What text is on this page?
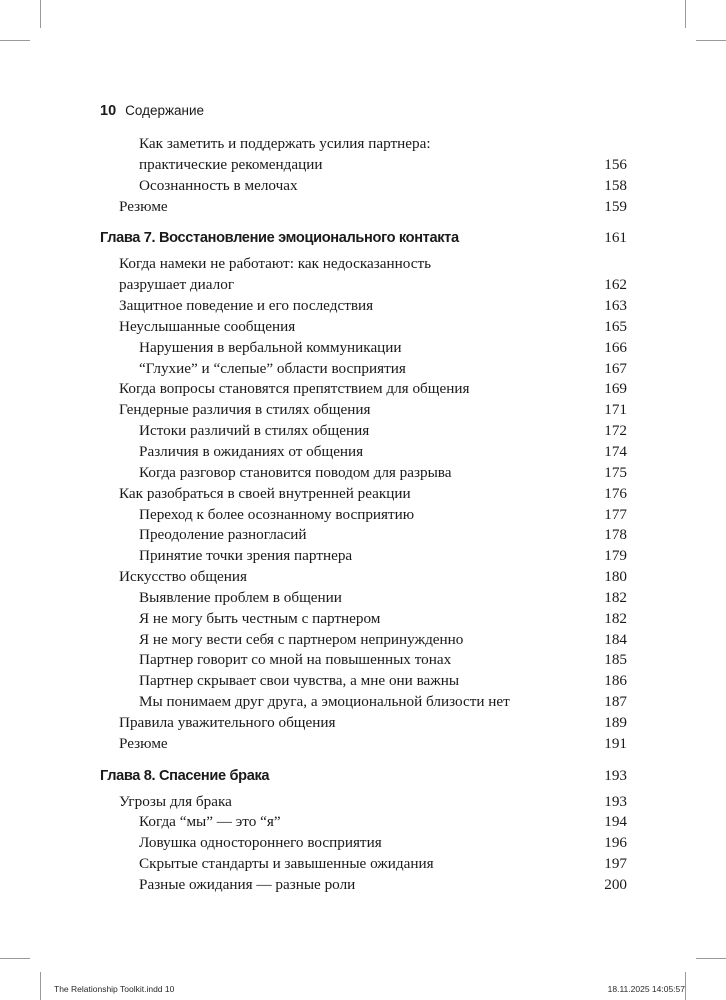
10 Содержание
Как заметить и поддержать усилия партнера:
практические рекомендации	156
Осознанность в мелочах	158
Резюме	159
Глава 7. Восстановление эмоционального контакта	161
Когда намеки не работают: как недосказанность
разрушает диалог	162
Защитное поведение и его последствия	163
Неуслышанные сообщения	165
Нарушения в вербальной коммуникации	166
“Глухие” и “слепые” области восприятия	167
Когда вопросы становятся препятствием для общения	169
Гендерные различия в стилях общения	171
Истоки различий в стилях общения	172
Различия в ожиданиях от общения	174
Когда разговор становится поводом для разрыва	175
Как разобраться в своей внутренней реакции	176
Переход к более осознанному восприятию	177
Преодоление разногласий	178
Принятие точки зрения партнера	179
Искусство общения	180
Выявление проблем в общении	182
Я не могу быть честным с партнером	182
Я не могу вести себя с партнером непринужденно	184
Партнер говорит со мной на повышенных тонах	185
Партнер скрывает свои чувства, а мне они важны	186
Мы понимаем друг друга, а эмоциональной близости нет	187
Правила уважительного общения	189
Резюме	191
Глава 8. Спасение брака	193
Угрозы для брака	193
Когда “мы” — это “я”	194
Ловушка одностороннего восприятия	196
Скрытые стандарты и завышенные ожидания	197
Разные ожидания — разные роли	200
The Relationship Toolkit.indd 10	18.11.2025 14:05:57
